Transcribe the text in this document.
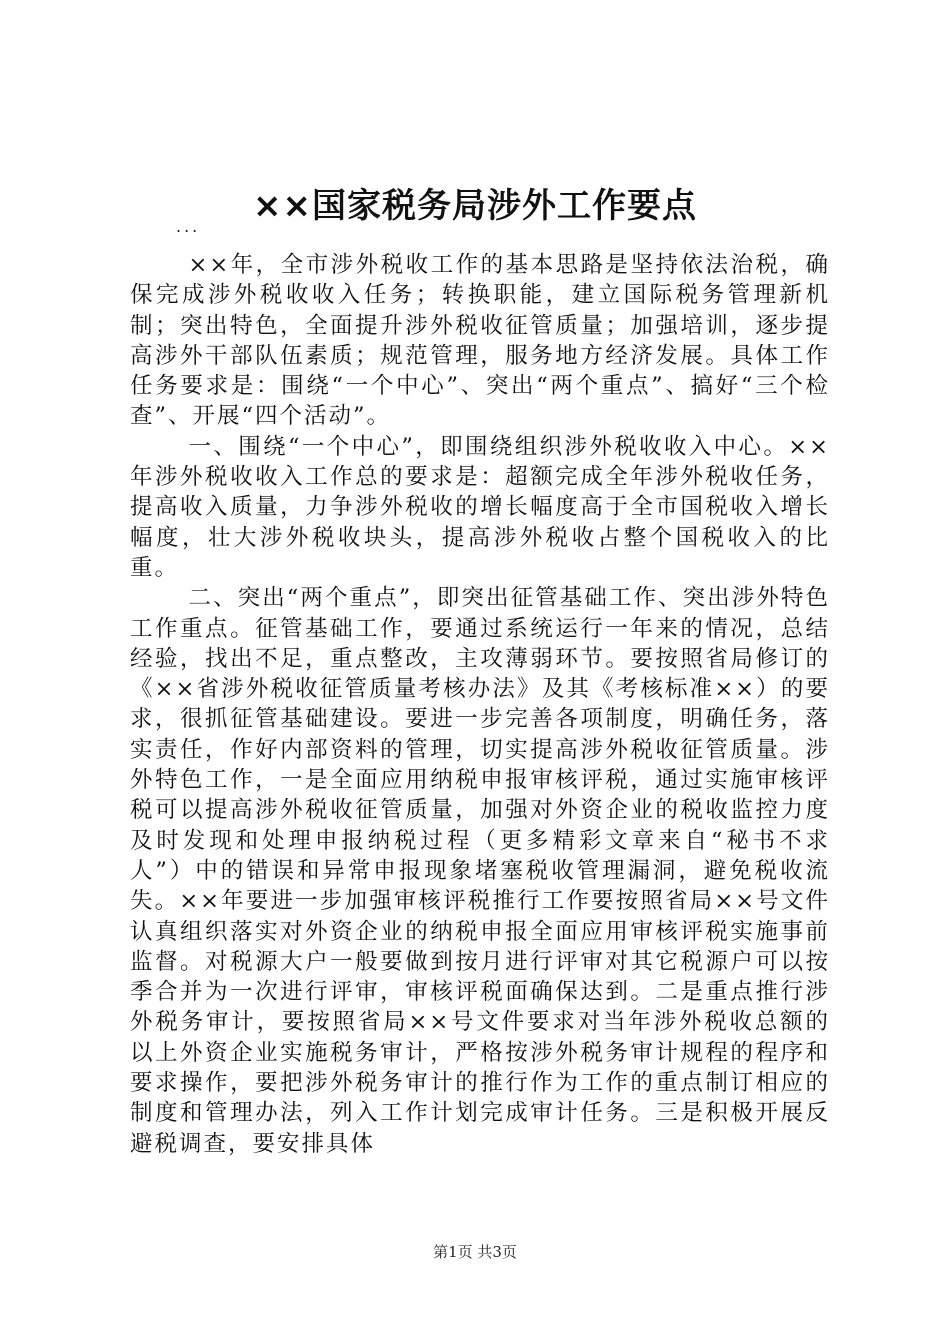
××国家税务局涉外工作要点
...

××年，全市涉外税收工作的基本思路是坚持依法治税，确保完成涉外税收收入任务；转换职能，建立国际税务管理新机制；突出特色，全面提升涉外税收征管质量；加强培训，逐步提高涉外干部队伍素质；规范管理，服务地方经济发展。具体工作任务要求是：围绕“一个中心”、突出“两个重点”、搞好“三个检查”、开展“四个活动”。

一、围绕“一个中心”，即围绕组织涉外税收收入中心。××年涉外税收收入工作总的要求是：超额完成全年涉外税收任务，提高收入质量，力争涉外税收的增长幅度高于全市国税收入增长幅度，壮大涉外税收块头，提高涉外税收占整个国税收入的比重。

二、突出“两个重点”，即突出征管基础工作、突出涉外特色工作重点。征管基础工作，要通过系统运行一年来的情况，总结经验，找出不足，重点整改，主攻薄弱环节。要按照省局修订的《××省涉外税收征管质量考核办法》及其《考核标准××）的要求，很抓征管基础建设。要进一步完善各项制度，明确任务，落实责任，作好内部资料的管理，切实提高涉外税收征管质量。涉外特色工作，一是全面应用纳税申报审核评税，通过实施审核评税可以提高涉外税收征管质量，加强对外资企业的税收监控力度及时发现和处理申报纳税过程（更多精彩文章来自“秘书不求人”）中的错误和异常申报现象堵塞税收管理漏洞，避免税收流失。××年要进一步加强审核评税推行工作要按照省局××号文件认真组织落实对外资企业的纳税申报全面应用审核评税实施事前监督。对税源大户一般要做到按月进行评审对其它税源户可以按季合并为一次进行评审，审核评税面确保达到。二是重点推行涉外税务审计，要按照省局××号文件要求对当年涉外税收总额的以上外资企业实施税务审计，严格按涉外税务审计规程的程序和要求操作，要把涉外税务审计的推行作为工作的重点制订相应的制度和管理办法，列入工作计划完成审计任务。三是积极开展反避税调查，要安排具体

第1页 共3页
